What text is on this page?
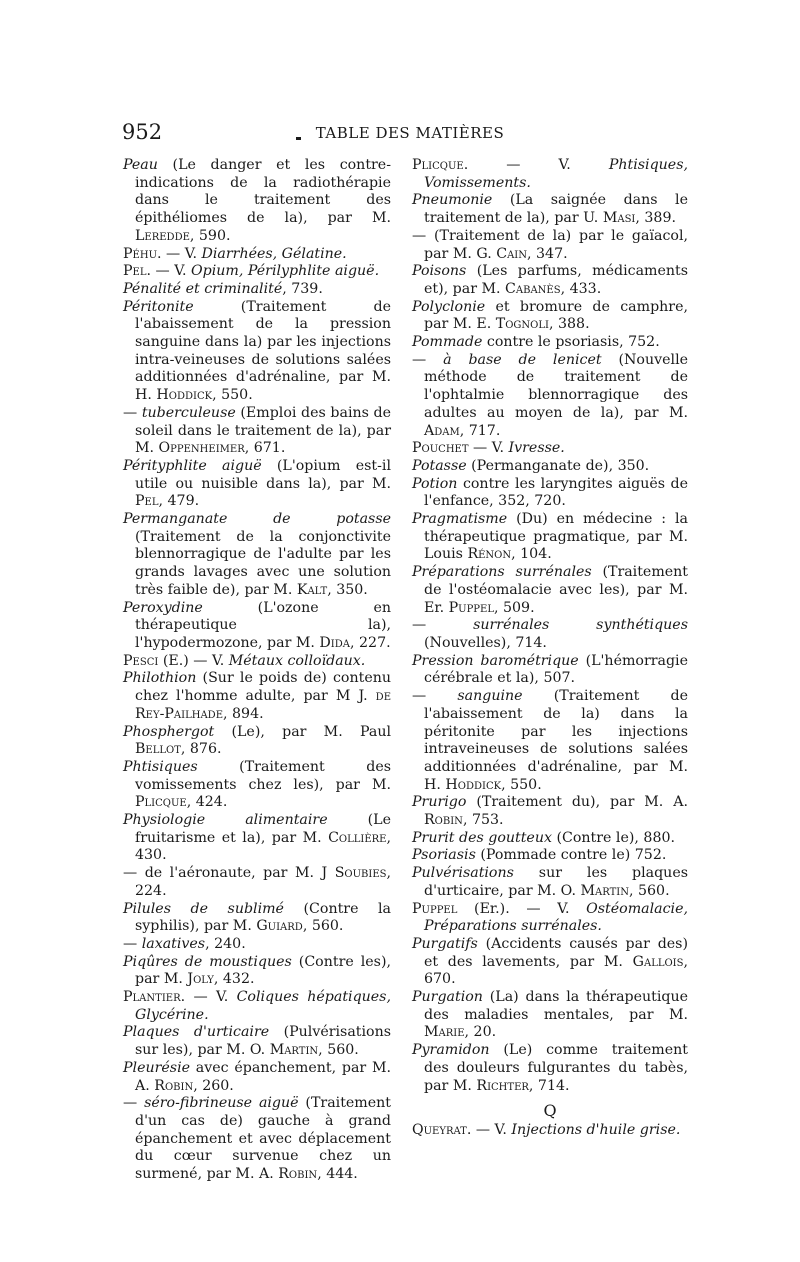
952	TABLE DES MATIÈRES

Peau (Le danger et les contre-indications de la radiothérapie dans le traitement des épithéliomes de la), par M. Leredde, 590.

Péhu. — V. Diarrhées, Gélatine.

Pel. — V. Opium, Périlyphlite aiguë.

Pénalité et criminalité, 739.

Péritonite (Traitement de l'abaissement de la pression sanguine dans la) par les injections intra-veineuses de solutions salées additionnées d'adrénaline, par M. H. Hoddick, 550.

— tuberculeuse (Emploi des bains de soleil dans le traitement de la), par M. Oppenheimer, 671.

Pérityphlite aiguë (L'opium est-il utile ou nuisible dans la), par M. Pel, 479.

Permanganate de potasse (Traitement de la conjonctivite blennorragique de l'adulte par les grands lavages avec une solution très faible de), par M. Kalt, 350.

Peroxydine (L'ozone en thérapeutique la), l'hypodermozone, par M. Dida, 227.

Pesci (E.) — V. Métaux colloïdaux.

Philothion (Sur le poids de) contenu chez l'homme adulte, par M J. de Rey-Pailhade, 894.

Phosphergot (Le), par M. Paul Bellot, 876.

Phtisiques (Traitement des vomissements chez les), par M. Plicque, 424.

Physiologie alimentaire (Le fruitarisme et la), par M. Collière, 430.

— de l'aéronaute, par M. J Soubies, 224.

Pilules de sublimé (Contre la syphilis), par M. Guiard, 560.

— laxatives, 240.

Piqûres de moustiques (Contre les), par M. Joly, 432.

Plantier. — V. Coliques hépatiques, Glycérine.

Plaques d'urticaire (Pulvérisations sur les), par M. O. Martin, 560.

Pleurésie avec épanchement, par M. A. Robin, 260.

— séro-fibrineuse aiguë (Traitement d'un cas de) gauche à grand épanchement et avec déplacement du cœur survenue chez un surmené, par M. A. Robin, 444.

Plicque. — V. Phtisiques, Vomissements.

Pneumonie (La saignée dans le traitement de la), par U. Masi, 389.

— (Traitement de la) par le gaïacol, par M. G. Cain, 347.

Poisons (Les parfums, médicaments et), par M. Cabanès, 433.

Polyclonie et bromure de camphre, par M. E. Tognoli, 388.

Pommade contre le psoriasis, 752.

— à base de lenicet (Nouvelle méthode de traitement de l'ophtalmie blennorragique des adultes au moyen de la), par M. Adam, 717.

Pouchet — V. Ivresse.

Potasse (Permanganate de), 350.

Potion contre les laryngites aiguës de l'enfance, 352, 720.

Pragmatisme (Du) en médecine : la thérapeutique pragmatique, par M. Louis Rénon, 104.

Préparations surrénales (Traitement de l'ostéomalacie avec les), par M. Er. Puppel, 509.

— surrénales synthétiques (Nouvelles), 714.

Pression barométrique (L'hémorragie cérébrale et la), 507.

— sanguine (Traitement de l'abaissement de la) dans la péritonite par les injections intraveineuses de solutions salées additionnées d'adrénaline, par M. H. Hoddick, 550.

Prurigo (Traitement du), par M. A. Robin, 753.

Prurit des goutteux (Contre le), 880.

Psoriasis (Pommade contre le) 752.

Pulvérisations sur les plaques d'urticaire, par M. O. Martin, 560.

Puppel (Er.). — V. Ostéomalacie, Préparations surrénales.

Purgatifs (Accidents causés par des) et des lavements, par M. Gallois, 670.

Purgation (La) dans la thérapeutique des maladies mentales, par M. Marie, 20.

Pyramidon (Le) comme traitement des douleurs fulgurantes du tabès, par M. Richter, 714.

Q

Queyrat. — V. Injections d'huile grise.
